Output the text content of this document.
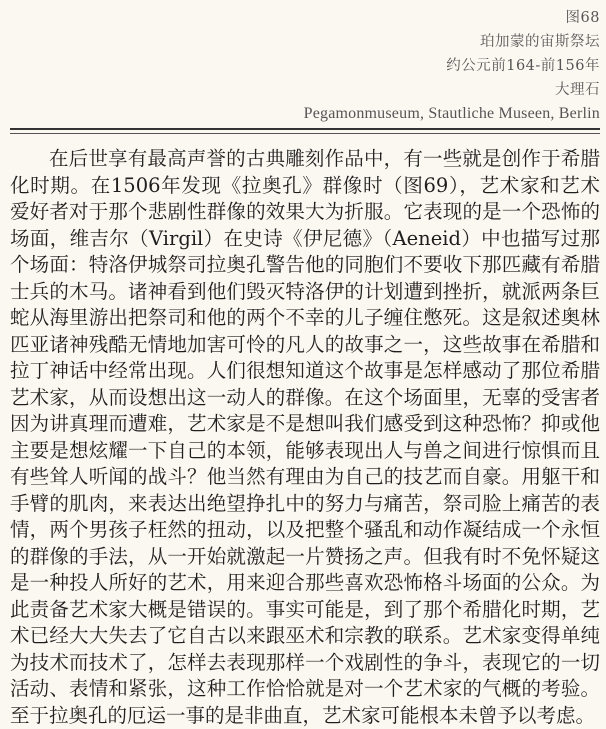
图68
珀加蒙的宙斯祭坛
约公元前164-前156年
大理石
Pegamonmuseum, Stautliche Museen, Berlin

在后世享有最高声誉的古典雕刻作品中，有一些就是创作于希腊化时期。在1506年发现《拉奥孔》群像时（图69），艺术家和艺术爱好者对于那个悲剧性群像的效果大为折服。它表现的是一个恐怖的场面，维吉尔（Virgil）在史诗《伊尼德》（Aeneid）中也描写过那个场面：特洛伊城祭司拉奥孔警告他的同胞们不要收下那匹藏有希腊士兵的木马。诸神看到他们毁灭特洛伊的计划遭到挫折，就派两条巨蛇从海里游出把祭司和他的两个不幸的儿子缠住憋死。这是叙述奥林匹亚诸神残酷无情地加害可怜的凡人的故事之一，这些故事在希腊和拉丁神话中经常出现。人们很想知道这个故事是怎样感动了那位希腊艺术家，从而设想出这一动人的群像。在这个场面里，无辜的受害者因为讲真理而遭难，艺术家是不是想叫我们感受到这种恐怖？抑或他主要是想炫耀一下自己的本领，能够表现出人与兽之间进行惊惧而且有些耸人听闻的战斗？他当然有理由为自己的技艺而自豪。用躯干和手臂的肌肉，来表达出绝望挣扎中的努力与痛苦，祭司脸上痛苦的表情，两个男孩子枉然的扭动，以及把整个骚乱和动作凝结成一个永恒的群像的手法，从一开始就激起一片赞扬之声。但我有时不免怀疑这是一种投人所好的艺术，用来迎合那些喜欢恐怖格斗场面的公众。为此责备艺术家大概是错误的。事实可能是，到了那个希腊化时期，艺术已经大大失去了它自古以来跟巫术和宗教的联系。艺术家变得单纯为技术而技术了，怎样去表现那样一个戏剧性的争斗，表现它的一切活动、表情和紧张，这种工作恰恰就是对一个艺术家的气概的考验。至于拉奥孔的厄运一事的是非曲直，艺术家可能根本未曾予以考虑。
